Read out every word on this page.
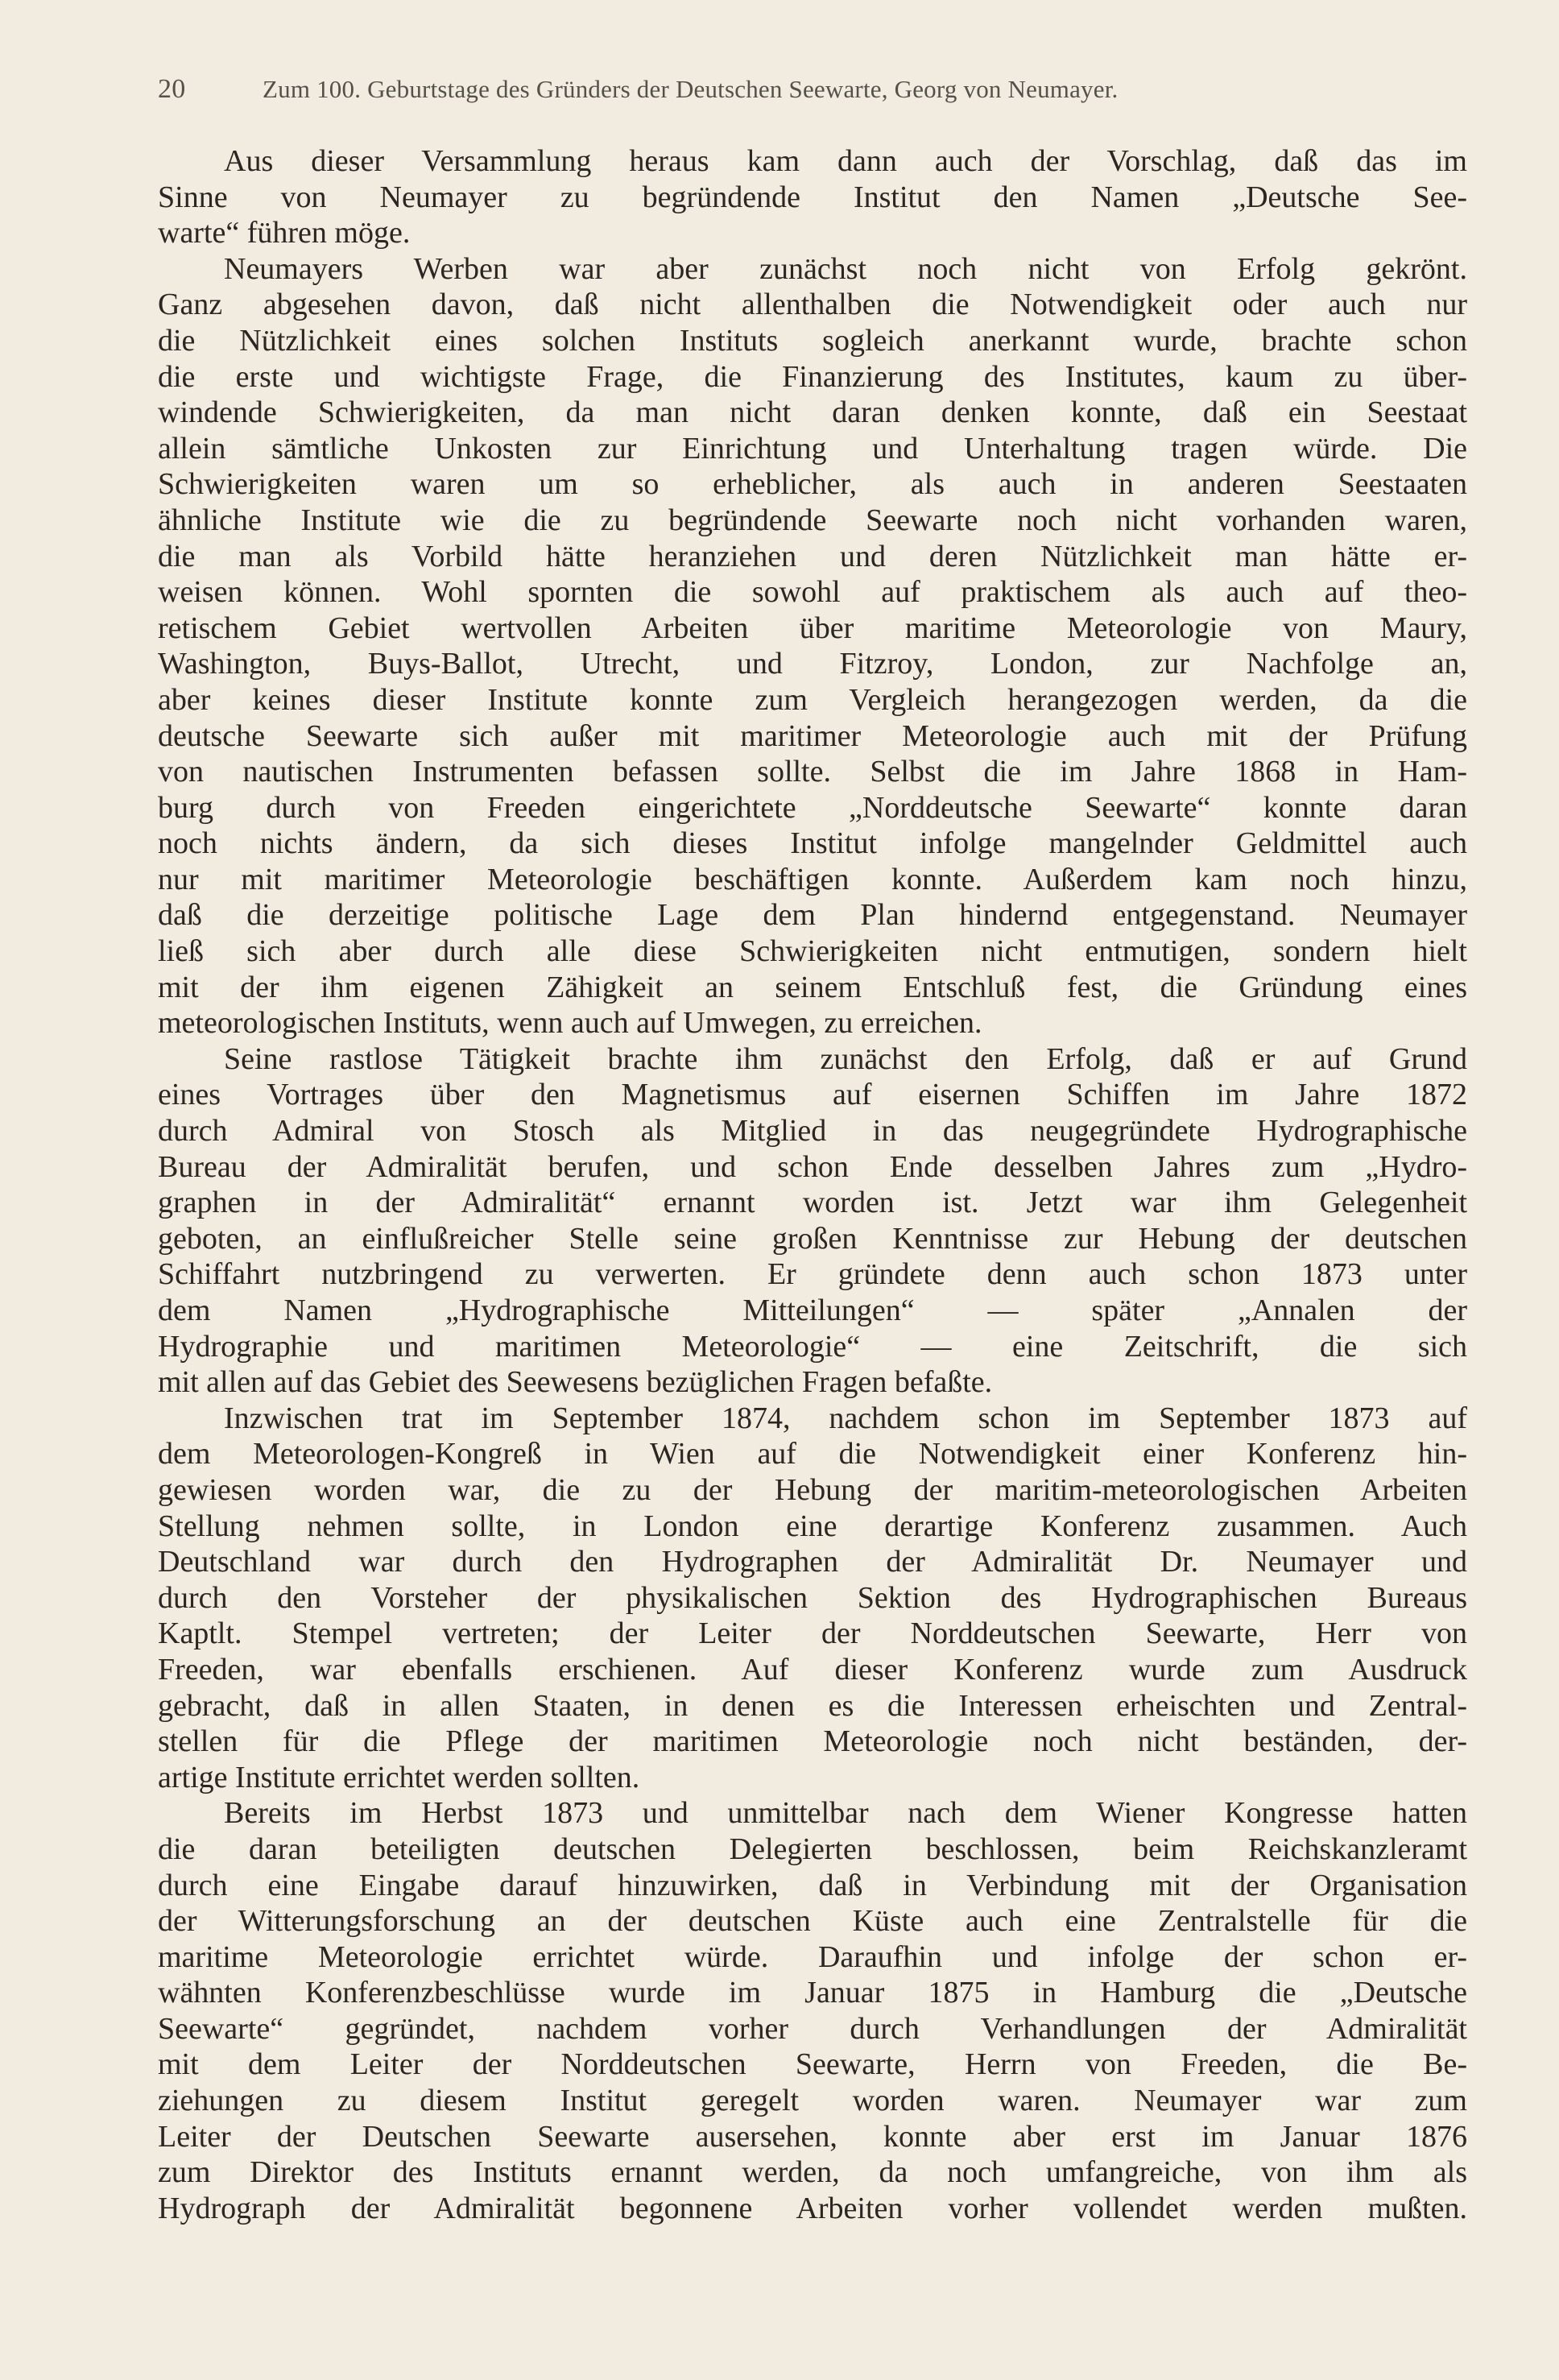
20	Zum 100. Geburtstage des Gründers der Deutschen Seewarte, Georg von Neumayer.
Aus dieser Versammlung heraus kam dann auch der Vorschlag, daß das im
Sinne von Neumayer zu begründende Institut den Namen „Deutsche See-
warte“ führen möge.
Neumayers Werben war aber zunächst noch nicht von Erfolg gekrönt.
Ganz abgesehen davon, daß nicht allenthalben die Notwendigkeit oder auch nur
die Nützlichkeit eines solchen Instituts sogleich anerkannt wurde, brachte schon
die erste und wichtigste Frage, die Finanzierung des Institutes, kaum zu über-
windende Schwierigkeiten, da man nicht daran denken konnte, daß ein Seestaat
allein sämtliche Unkosten zur Einrichtung und Unterhaltung tragen würde. Die
Schwierigkeiten waren um so erheblicher, als auch in anderen Seestaaten
ähnliche Institute wie die zu begründende Seewarte noch nicht vorhanden waren,
die man als Vorbild hätte heranziehen und deren Nützlichkeit man hätte er-
weisen können. Wohl spornten die sowohl auf praktischem als auch auf theo-
retischem Gebiet wertvollen Arbeiten über maritime Meteorologie von Maury,
Washington, Buys-Ballot, Utrecht, und Fitzroy, London, zur Nachfolge an,
aber keines dieser Institute konnte zum Vergleich herangezogen werden, da die
deutsche Seewarte sich außer mit maritimer Meteorologie auch mit der Prüfung
von nautischen Instrumenten befassen sollte. Selbst die im Jahre 1868 in Ham-
burg durch von Freeden eingerichtete „Norddeutsche Seewarte“ konnte daran
noch nichts ändern, da sich dieses Institut infolge mangelnder Geldmittel auch
nur mit maritimer Meteorologie beschäftigen konnte. Außerdem kam noch hinzu,
daß die derzeitige politische Lage dem Plan hindernd entgegenstand. Neumayer
ließ sich aber durch alle diese Schwierigkeiten nicht entmutigen, sondern hielt
mit der ihm eigenen Zähigkeit an seinem Entschluß fest, die Gründung eines
meteorologischen Instituts, wenn auch auf Umwegen, zu erreichen.
Seine rastlose Tätigkeit brachte ihm zunächst den Erfolg, daß er auf Grund
eines Vortrages über den Magnetismus auf eisernen Schiffen im Jahre 1872
durch Admiral von Stosch als Mitglied in das neugegründete Hydrographische
Bureau der Admiralität berufen, und schon Ende desselben Jahres zum „Hydro-
graphen in der Admiralität“ ernannt worden ist. Jetzt war ihm Gelegenheit
geboten, an einflußreicher Stelle seine großen Kenntnisse zur Hebung der deutschen
Schiffahrt nutzbringend zu verwerten. Er gründete denn auch schon 1873 unter
dem Namen „Hydrographische Mitteilungen“ — später „Annalen der
Hydrographie und maritimen Meteorologie“ — eine Zeitschrift, die sich
mit allen auf das Gebiet des Seewesens bezüglichen Fragen befaßte.
Inzwischen trat im September 1874, nachdem schon im September 1873 auf
dem Meteorologen-Kongreß in Wien auf die Notwendigkeit einer Konferenz hin-
gewiesen worden war, die zu der Hebung der maritim-meteorologischen Arbeiten
Stellung nehmen sollte, in London eine derartige Konferenz zusammen. Auch
Deutschland war durch den Hydrographen der Admiralität Dr. Neumayer und
durch den Vorsteher der physikalischen Sektion des Hydrographischen Bureaus
Kaptlt. Stempel vertreten; der Leiter der Norddeutschen Seewarte, Herr von
Freeden, war ebenfalls erschienen. Auf dieser Konferenz wurde zum Ausdruck
gebracht, daß in allen Staaten, in denen es die Interessen erheischten und Zentral-
stellen für die Pflege der maritimen Meteorologie noch nicht beständen, der-
artige Institute errichtet werden sollten.
Bereits im Herbst 1873 und unmittelbar nach dem Wiener Kongresse hatten
die daran beteiligten deutschen Delegierten beschlossen, beim Reichskanzleramt
durch eine Eingabe darauf hinzuwirken, daß in Verbindung mit der Organisation
der Witterungsforschung an der deutschen Küste auch eine Zentralstelle für die
maritime Meteorologie errichtet würde. Daraufhin und infolge der schon er-
wähnten Konferenzbeschlüsse wurde im Januar 1875 in Hamburg die „Deutsche
Seewarte“ gegründet, nachdem vorher durch Verhandlungen der Admiralität
mit dem Leiter der Norddeutschen Seewarte, Herrn von Freeden, die Be-
ziehungen zu diesem Institut geregelt worden waren. Neumayer war zum
Leiter der Deutschen Seewarte ausersehen, konnte aber erst im Januar 1876
zum Direktor des Instituts ernannt werden, da noch umfangreiche, von ihm als
Hydrograph der Admiralität begonnene Arbeiten vorher vollendet werden mußten.
